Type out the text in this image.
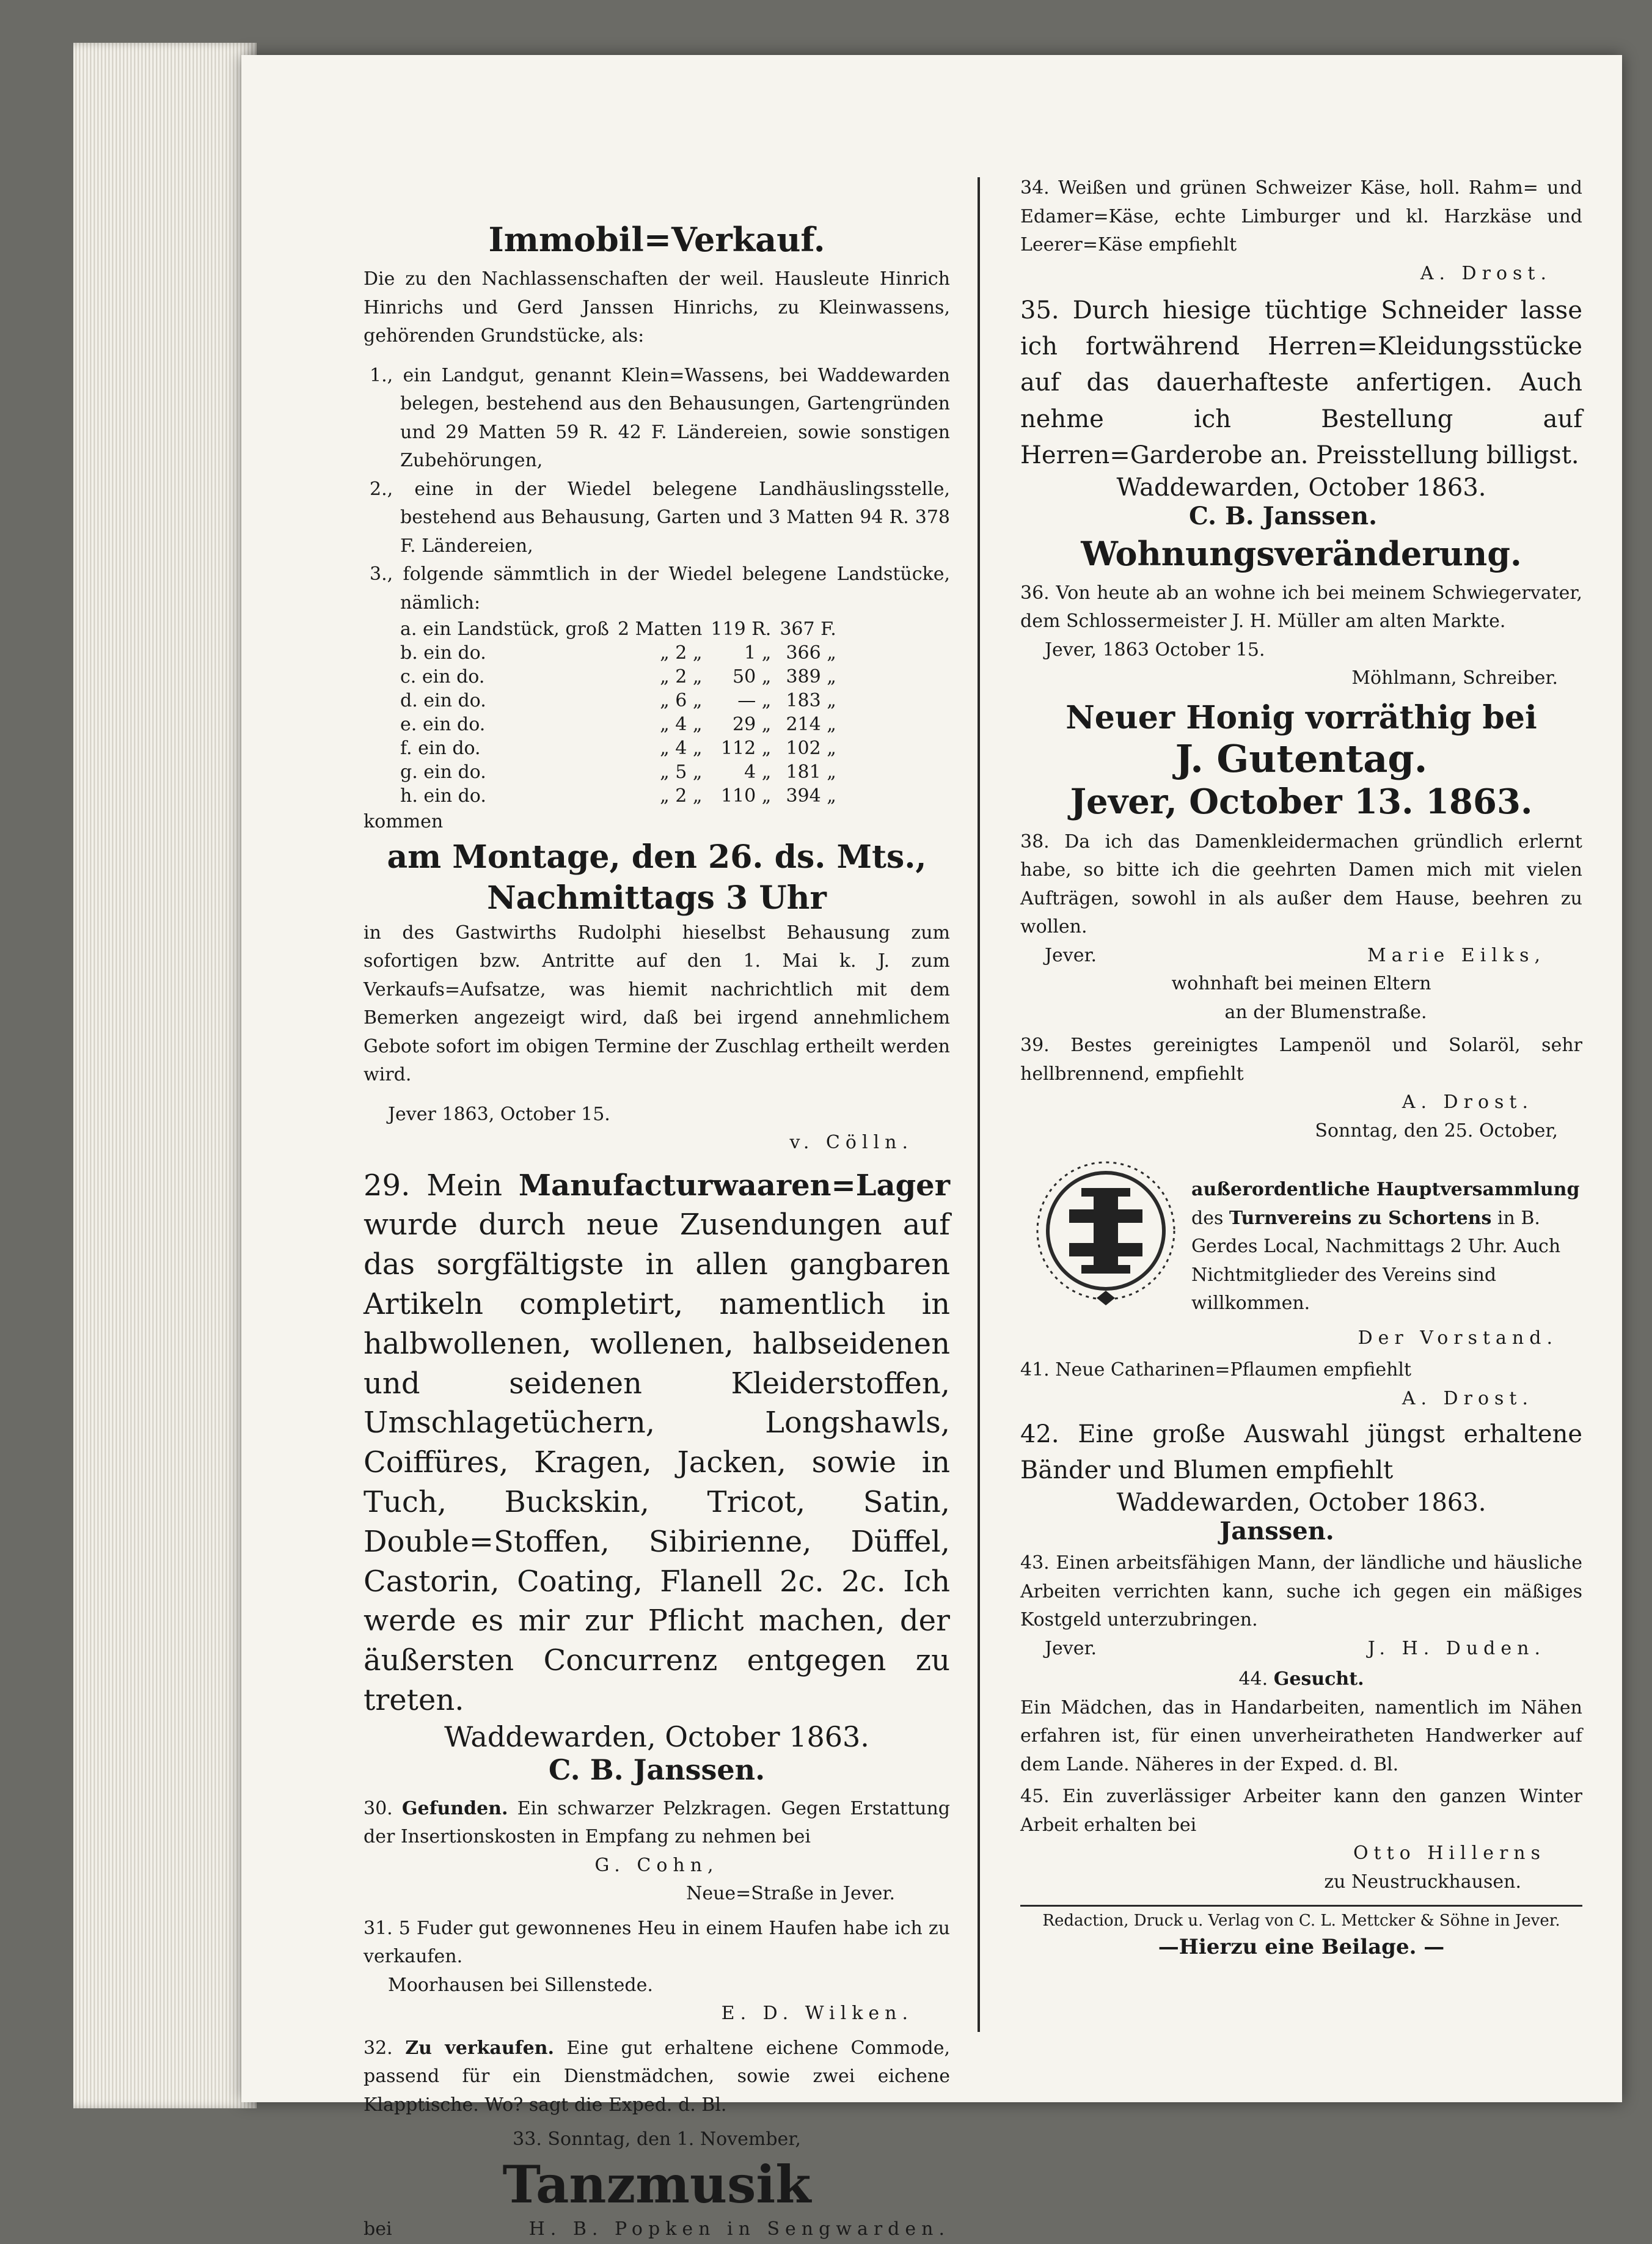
Immobil=Verkauf.
Die zu den Nachlassenschaften der weil. Hausleute Hinrich Hinrichs und Gerd Janssen Hinrichs, zu Kleinwassens, gehörenden Grundstücke, als:
1., ein Landgut, genannt Klein=Wassens, bei Waddewarden belegen, bestehend aus den Behausungen, Gartengründen und 29 Matten 59 R. 42 F. Ländereien, sowie sonstigen Zubehörungen,
2., eine in der Wiedel belegene Landhäuslingsstelle, bestehend aus Behausung, Garten und 3 Matten 94 R. 378 F. Ländereien,
3., folgende sämmtlich in der Wiedel belegene Landstücke, nämlich:
a. ein Landstück, groß	2 Matten	119 R.	367 F.
b. ein do.	„ 2 „	1 „	366 „
c. ein do.	„ 2 „	50 „	389 „
d. ein do.	„ 6 „	— „	183 „
e. ein do.	„ 4 „	29 „	214 „
f. ein do.	„ 4 „	112 „	102 „
g. ein do.	„ 5 „	4 „	181 „
h. ein do.	„ 2 „	110 „	394 „
kommen
am Montage, den 26. ds. Mts.,
Nachmittags 3 Uhr
in des Gastwirths Rudolphi hieselbst Behausung zum sofortigen bzw. Antritte auf den 1. Mai k. J. zum Verkaufs=Aufsatze, was hiemit nachrichtlich mit dem Bemerken angezeigt wird, daß bei irgend annehmlichem Gebote sofort im obigen Termine der Zuschlag ertheilt werden wird.
Jever 1863, October 15.
v. Cölln.
29. Mein Manufacturwaaren=Lager wurde durch neue Zusendungen auf das sorgfältigste in allen gangbaren Artikeln completirt, namentlich in halbwollenen, wollenen, halbseidenen und seidenen Kleiderstoffen, Umschlagetüchern, Longshawls, Coiffüres, Kragen, Jacken, sowie in Tuch, Buckskin, Tricot, Satin, Double=Stoffen, Sibirienne, Düffel, Castorin, Coating, Flanell 2c. 2c. Ich werde es mir zur Pflicht machen, der äußersten Concurrenz entgegen zu treten.
Waddewarden, October 1863.
C. B. Janssen.
30. Gefunden. Ein schwarzer Pelzkragen. Gegen Erstattung der Insertionskosten in Empfang zu nehmen bei
G. Cohn,
Neue=Straße in Jever.
31. 5 Fuder gut gewonnenes Heu in einem Haufen habe ich zu verkaufen.
Moorhausen bei Sillenstede.
E. D. Wilken.
32. Zu verkaufen. Eine gut erhaltene eichene Commode, passend für ein Dienstmädchen, sowie zwei eichene Klapptische. Wo? sagt die Exped. d. Bl.
33. Sonntag, den 1. November,
Tanzmusik
bei	H. B. Popken in Sengwarden.
34. Weißen und grünen Schweizer Käse, holl. Rahm= und Edamer=Käse, echte Limburger und kl. Harzkäse und Leerer=Käse empfiehlt
A. Drost.
35. Durch hiesige tüchtige Schneider lasse ich fortwährend Herren=Kleidungsstücke auf das dauerhafteste anfertigen. Auch nehme ich Bestellung auf Herren=Garderobe an. Preisstellung billigst.
Waddewarden, October 1863.
C. B. Janssen.
Wohnungsveränderung.
36. Von heute ab an wohne ich bei meinem Schwiegervater, dem Schlossermeister J. H. Müller am alten Markte.
Jever, 1863 October 15.
Möhlmann, Schreiber.
Neuer Honig vorräthig bei
J. Gutentag.
Jever, October 13. 1863.
38. Da ich das Damenkleidermachen gründlich erlernt habe, so bitte ich die geehrten Damen mich mit vielen Aufträgen, sowohl in als außer dem Hause, beehren zu wollen.
Jever.	Marie Eilks,
wohnhaft bei meinen Eltern
an der Blumenstraße.
39. Bestes gereinigtes Lampenöl und Solaröl, sehr hellbrennend, empfiehlt
A. Drost.
Sonntag, den 25. October,
außerordentliche Hauptversammlung des Turnvereins zu Schortens in B. Gerdes Local, Nachmittags 2 Uhr. Auch Nichtmitglieder des Vereins sind willkommen.
Der Vorstand.
41. Neue Catharinen=Pflaumen empfiehlt
A. Drost.
42. Eine große Auswahl jüngst erhaltene Bänder und Blumen empfiehlt
Waddewarden, October 1863.
Janssen.
43. Einen arbeitsfähigen Mann, der ländliche und häusliche Arbeiten verrichten kann, suche ich gegen ein mäßiges Kostgeld unterzubringen.
Jever.	J. H. Duden.
44. Gesucht.
Ein Mädchen, das in Handarbeiten, namentlich im Nähen erfahren ist, für einen unverheiratheten Handwerker auf dem Lande. Näheres in der Exped. d. Bl.
45. Ein zuverlässiger Arbeiter kann den ganzen Winter Arbeit erhalten bei
Otto Hillerns
zu Neustruckhausen.
Redaction, Druck u. Verlag von C. L. Mettcker & Söhne in Jever.
—Hierzu eine Beilage. —
